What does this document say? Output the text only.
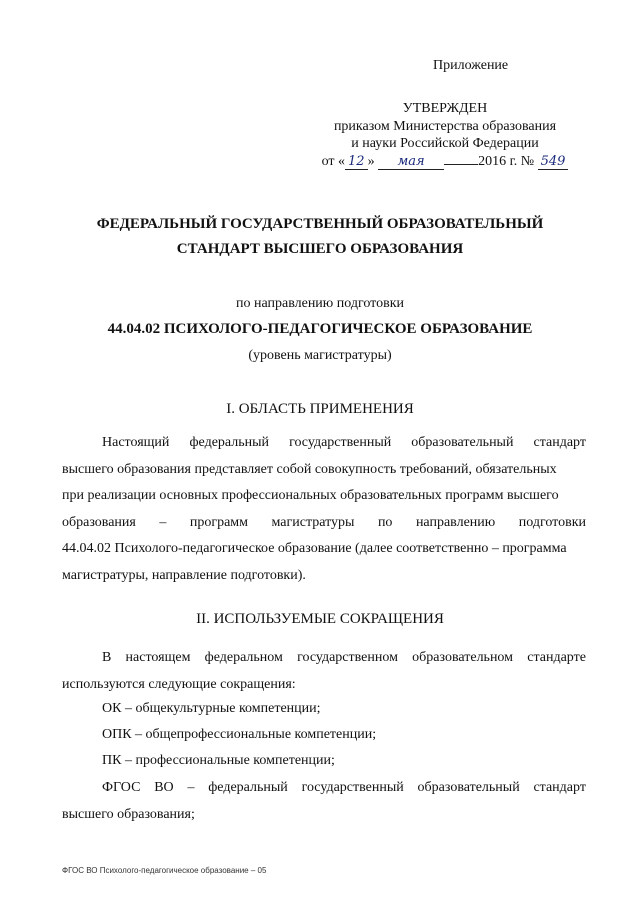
Приложение
УТВЕРЖДЕН
приказом Министерства образования
и науки Российской Федерации
от « 12 » мая	2016 г. № 549
ФЕДЕРАЛЬНЫЙ ГОСУДАРСТВЕННЫЙ ОБРАЗОВАТЕЛЬНЫЙ
СТАНДАРТ ВЫСШЕГО ОБРАЗОВАНИЯ
по направлению подготовки
44.04.02 ПСИХОЛОГО-ПЕДАГОГИЧЕСКОЕ ОБРАЗОВАНИЕ
(уровень магистратуры)
I. ОБЛАСТЬ ПРИМЕНЕНИЯ
Настоящий федеральный государственный образовательный стандарт
высшего образования представляет собой совокупность требований, обязательных
при реализации основных профессиональных образовательных программ высшего
образования – программ магистратуры по направлению подготовки
44.04.02 Психолого-педагогическое образование (далее соответственно – программа
магистратуры, направление подготовки).
II. ИСПОЛЬЗУЕМЫЕ СОКРАЩЕНИЯ
В настоящем федеральном государственном образовательном стандарте
используются следующие сокращения:
ОК – общекультурные компетенции;
ОПК – общепрофессиональные компетенции;
ПК – профессиональные компетенции;
ФГОС ВО – федеральный государственный образовательный стандарт
высшего образования;
ФГОС ВО Психолого-педагогическое образование – 05
